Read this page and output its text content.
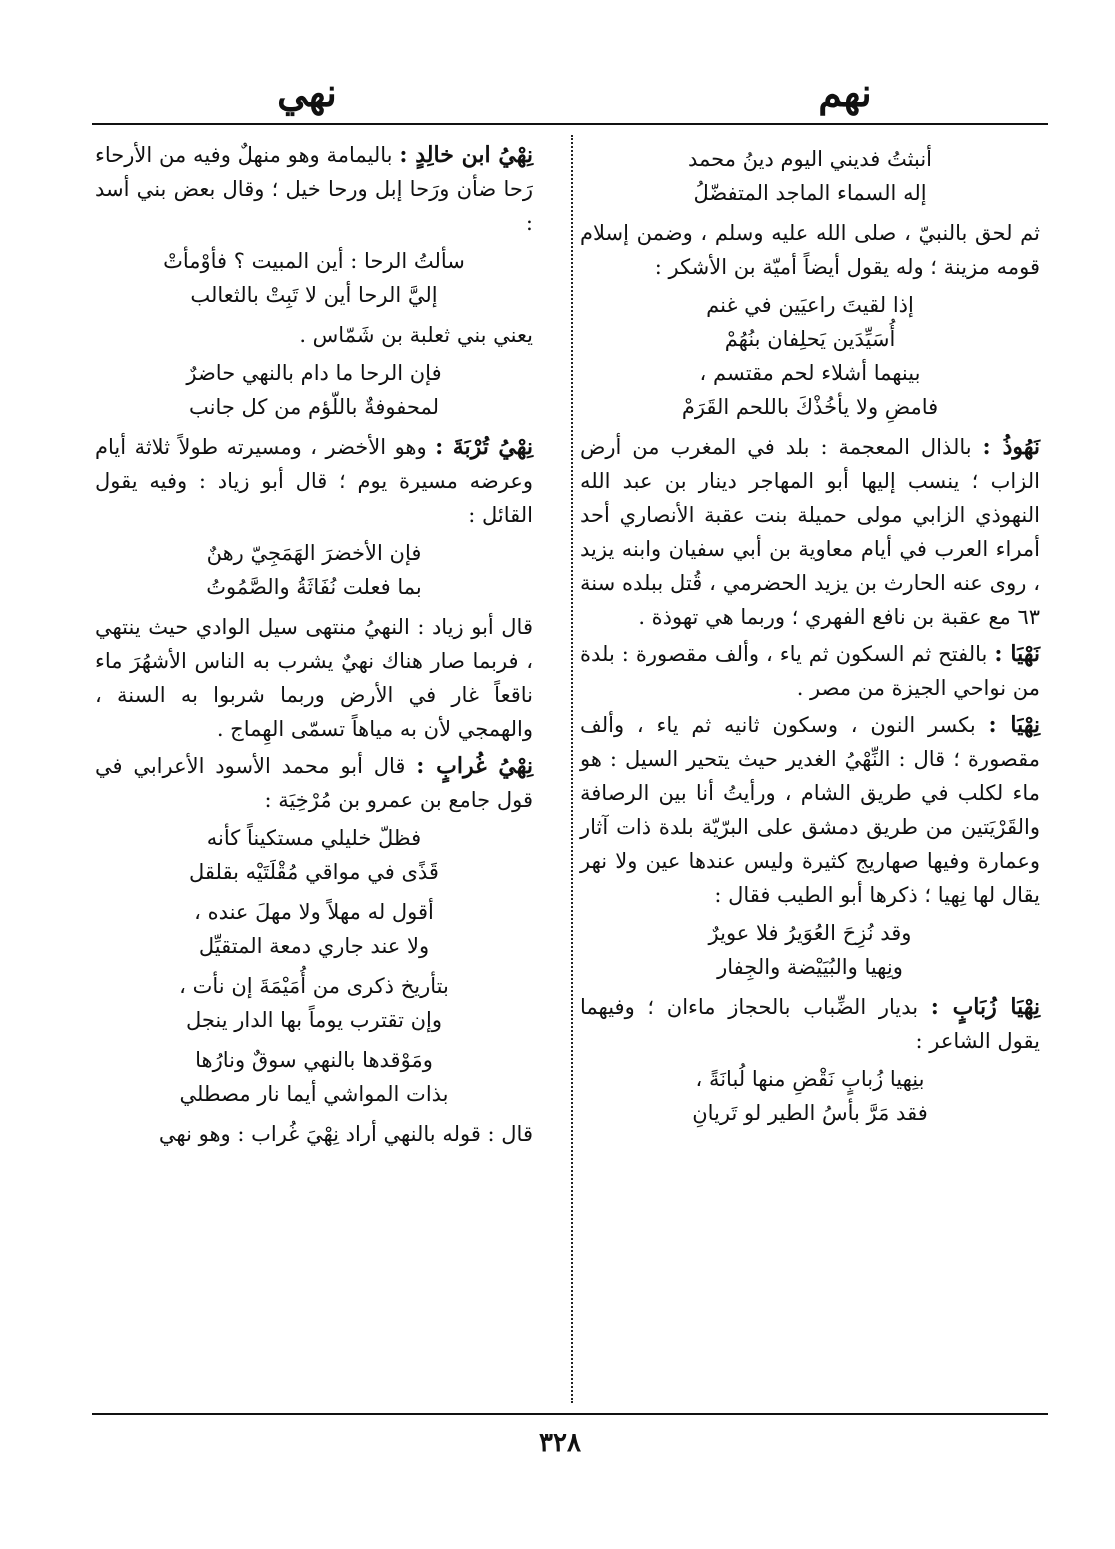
نهي	نهم
أنبثتُ فديني اليوم دينُ محمد
إله السماء الماجد المتفضّلُ

ثم لحق بالنبيّ ، صلى الله عليه وسلم ، وضمن إسلام قومه مزينة ؛ وله يقول أيضاً أميّة بن الأشكر :

إذا لقيتَ راعيَين في غنم
أُسَيِّدَين يَحلِفان بنُهُمْ
بينهما أشلاء لحم مقتسم ،
فامضِ ولا يأخُذْكَ باللحم القَرَمْ

نَهُوذُ : بالذال المعجمة : بلد في المغرب من أرض الزاب ؛ ينسب إليها أبو المهاجر دينار بن عبد الله النهوذي الزابي مولى حميلة بنت عقبة الأنصاري أحد أمراء العرب في أيام معاوية بن أبي سفيان وابنه يزيد ، روى عنه الحارث بن يزيد الحضرمي ، قُتل ببلده سنة ٦٣ مع عقبة بن نافع الفهري ؛ وربما هي تهوذة .

نَهْيَا : بالفتح ثم السكون ثم ياء ، وألف مقصورة : بلدة من نواحي الجيزة من مصر .

نِهْيَا : بكسر النون ، وسكون ثانيه ثم ياء ، وألف مقصورة ؛ قال : النِّهْيُ الغدير حيث يتحير السيل : هو ماء لكلب في طريق الشام ، ورأيتُ أنا بين الرصافة والقَرْيَتين من طريق دمشق على البرّيّة بلدة ذات آثار وعمارة وفيها صهاريج كثيرة وليس عندها عين ولا نهر يقال لها نِهيا ؛ ذكرها أبو الطيب فقال :

وقد نُزِحَ العُوَيرُ فلا عويرٌ
ونِهيا والبُيَيْضة والجِفار

نِهْيَا زُبَابٍ : بديار الضِّباب بالحجاز ماءان ؛ وفيهما يقول الشاعر :

بنِهيا زُبابٍ نَقْضِ منها لُبانَةً ،
فقد مَرَّ بأسُ الطير لو تَريانِ

نِهْيُ ابن خالِدٍ : باليمامة وهو منهلٌ وفيه من الأرحاء رَحا ضأن ورَحا إبل ورحا خيل ؛ وقال بعض بني أسد :

سألتُ الرحا : أين المبيت ؟ فأوْمأتْ
إليَّ الرحا أين لا تَبِتْ بالثعالب

يعني بني ثعلبة بن شَمّاس .

فإن الرحا ما دام بالنهي حاضرٌ
لمحفوفةٌ باللّؤم من كل جانب

نِهْيُ تُرْبَةَ : وهو الأخضر ، ومسيرته طولاً ثلاثة أيام وعرضه مسيرة يوم ؛ قال أبو زياد : وفيه يقول القائل :

فإن الأخضرَ الهَمَجِيّ رهنٌ
بما فعلت نُفَاثَةُ والصَّمُوتُ

قال أبو زياد : النهيُ منتهى سيل الوادي حيث ينتهي ، فربما صار هناك نهيٌ يشرب به الناس الأشهُرَ ماء ناقعاً غار في الأرض وربما شربوا به السنة ، والهمجي لأن به مياهاً تسمّى الهِماج .

نِهْيُ غُرابٍ : قال أبو محمد الأسود الأعرابي في قول جامع بن عمرو بن مُرْخِيَة :

فظلّ خليلي مستكيناً كأنه
قَذًى في مواقي مُقْلَتَيْه بقلقل
أقول له مهلاً ولا مهلَ عنده ،
ولا عند جاري دمعة المتقيِّل
بتأريخ ذكرى من أُمَيْمَةَ إن نأت ،
وإن تقترب يوماً بها الدار ينجل
ومَوْقدها بالنهي سوقٌ ونارُها
بذات المواشي أيما نار مصطلي

قال : قوله بالنهي أراد نِهْيَ غُراب : وهو نهي

٣٢٨
